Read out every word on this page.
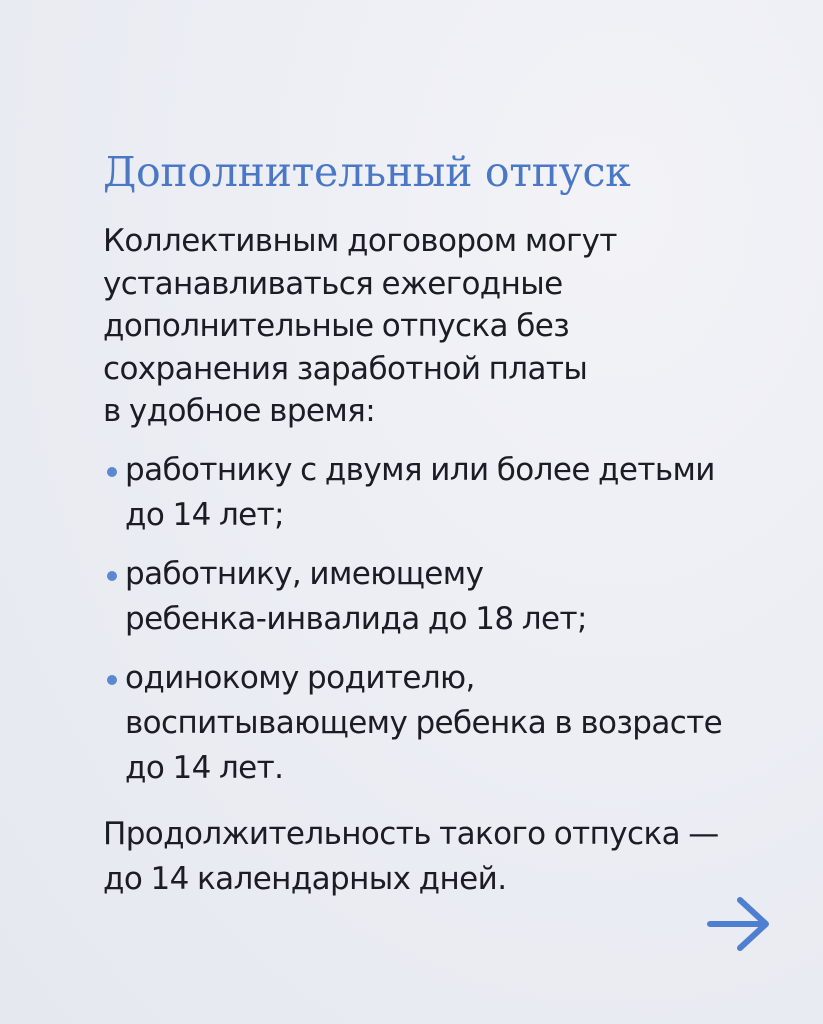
Дополнительный отпуск

Коллективным договором могут
устанавливаться ежегодные
дополнительные отпуска без
сохранения заработной платы
в удобное время:

работнику с двумя или более детьми
до 14 лет;
работнику, имеющему
ребенка-инвалида до 18 лет;
одинокому родителю,
воспитывающему ребенка в возрасте
до 14 лет.

Продолжительность такого отпуска —
до 14 календарных дней.
